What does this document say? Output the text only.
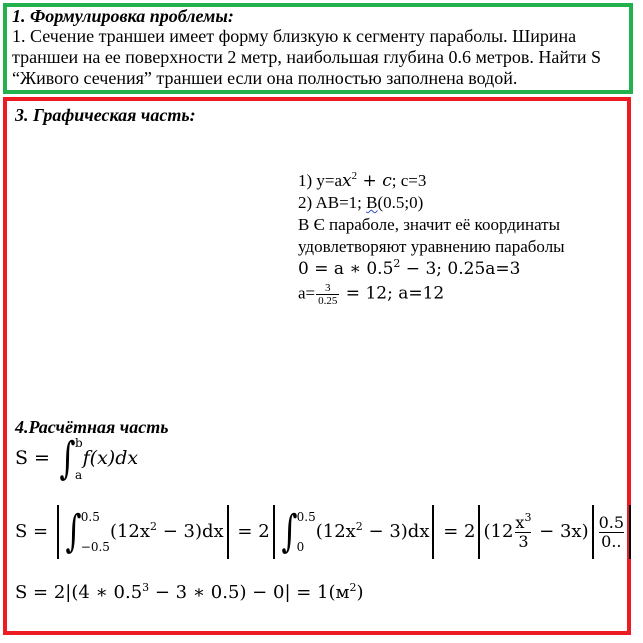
1. Формулировка проблемы:
1. Сечение траншеи имеет форму близкую к сегменту параболы. Ширина
траншеи на ее поверхности 2 метр, наибольшая глубина 0.6 метров. Найти S
“Живого сечения” траншеи если она полностью заполнена водой.
3. Графическая часть:
1) $y=ax^2 + c$; c=3
2) AB=1; B(0.5;0)
В Є параболе, значит её координаты
удовлетворяют уравнению параболы
0 = a ∗ $0.5^2 - 3$; 0.25a=3
$a= \frac{3}{0.25} = 12$; a=12
4.Расчётная часть
S = ∫ b
a
f(x)dx
S = ∫ 0.5
−0.5
$(12x^2 - 3)dx = 2$ ∫ 0.5
0
$(12x^2 - 3)dx = 2$ $(12 \frac{x^3}{3} - 3x) \frac{0.5}{0..}$
S = 2|(4 ∗ $0.5^3 - 3$ ∗ $0.5) - 0| = 1(м^2)$
